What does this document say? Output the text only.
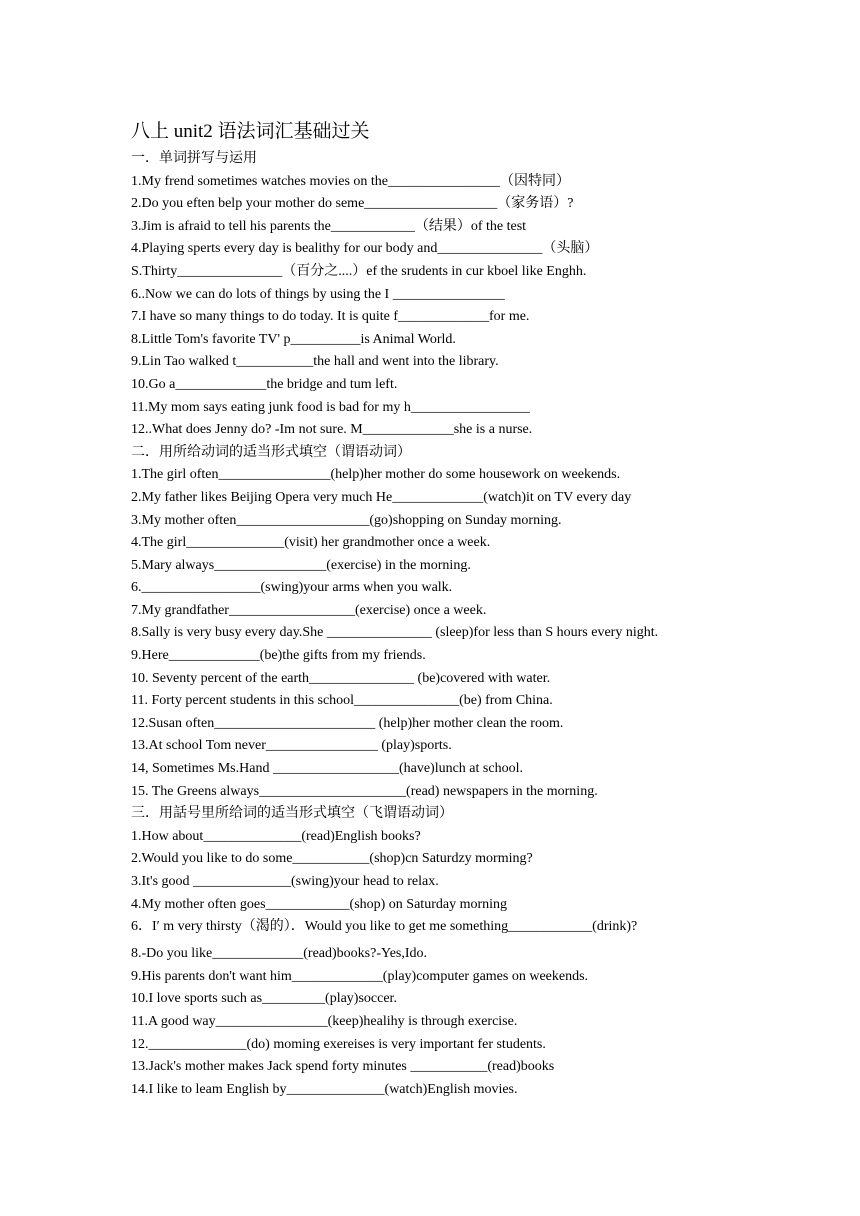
八上 unit2 语法词汇基础过关
一．单词拼写与运用
1.My frend sometimes watches movies on the________________（因特同）
2.Do you eften belp your mother do seme___________________（家务语）?
3.Jim is afraid to tell his parents the____________（结果）of the test
4.Playing sperts every day is bealithy for our body and_______________（头脑）
S.Thirty_______________（百分之....）ef the srudents in cur kboel like Enghh.
6..Now we can do lots of things by using the I ________________
7.I have so many things to do today. It is quite f_____________for me.
8.Little Tom's favorite TV' p__________is Animal World.
9.Lin Tao walked t___________the hall and went into the library.
10.Go a_____________the bridge and tum left.
11.My mom says eating junk food is bad for my h_________________
12..What does Jenny do? -Im not sure. M_____________she is a nurse.
二．用所给动词的适当形式填空（谓语动词）
1.The girl often________________(help)her mother do some housework on weekends.
2.My father likes Beijing Opera very much He_____________(watch)it on TV every day
3.My mother often___________________(go)shopping on Sunday morning.
4.The girl______________(visit) her grandmother once a week.
5.Mary always________________(exercise) in the morning.
6._________________(swing)your arms when you walk.
7.My grandfather__________________(exercise) once a week.
8.Sally is very busy every day.She _______________ (sleep)for less than S hours every night.
9.Here_____________(be)the gifts from my friends.
10. Seventy percent of the earth_______________ (be)covered with water.
11. Forty percent students in this school_______________(be) from China.
12.Susan often_______________________ (help)her mother clean the room.
13.At school Tom never________________ (play)sports.
14, Sometimes Ms.Hand __________________(have)lunch at school.
15. The Greens always_____________________(read) newspapers in the morning.
三．用話号里所给词的适当形式填空（飞谓语动词）
1.How about______________(read)English books?
2.Would you like to do some___________(shop)cn Saturdzy morming?
3.It's good ______________(swing)your head to relax.
4.My mother often goes____________(shop) on Saturday morning
6．I′ m very thirsty（渴的）．Would you like to get me something____________(drink)?
8.-Do you like_____________(read)books?-Yes,Ido.
9.His parents don't want him_____________(play)computer games on weekends.
10.I love sports such as_________(play)soccer.
11.A good way________________(keep)healihy is through exercise.
12.______________(do) moming exereises is very important fer students.
13.Jack's mother makes Jack spend forty minutes ___________(read)books
14.I like to leam English by______________(watch)English movies.
